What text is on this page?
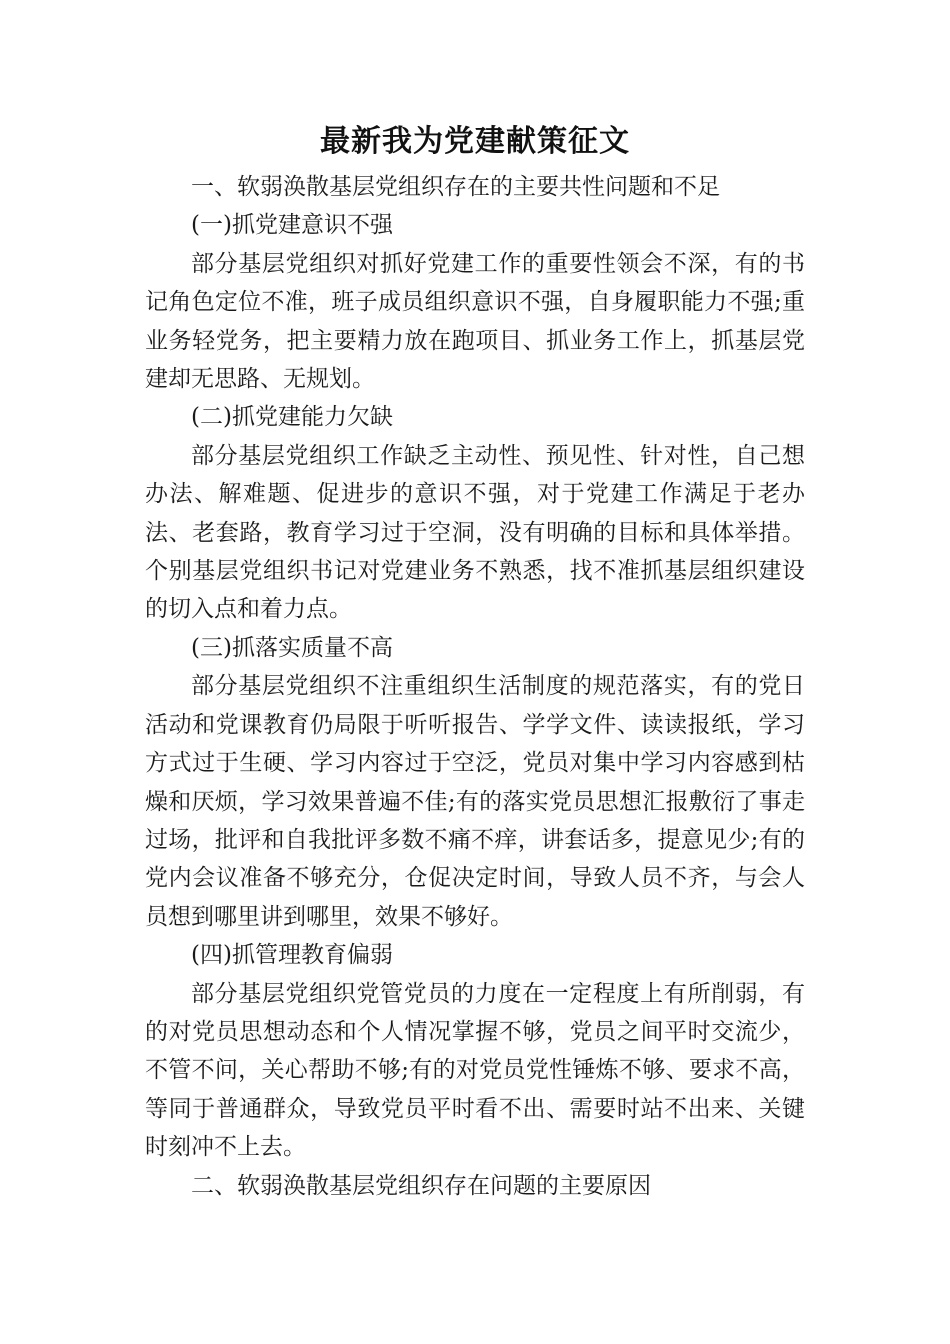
最新我为党建献策征文

一、软弱涣散基层党组织存在的主要共性问题和不足

(一)抓党建意识不强

部分基层党组织对抓好党建工作的重要性领会不深，有的书记角色定位不准，班子成员组织意识不强，自身履职能力不强;重业务轻党务，把主要精力放在跑项目、抓业务工作上，抓基层党建却无思路、无规划。

(二)抓党建能力欠缺

部分基层党组织工作缺乏主动性、预见性、针对性，自己想办法、解难题、促进步的意识不强，对于党建工作满足于老办法、老套路，教育学习过于空洞，没有明确的目标和具体举措。个别基层党组织书记对党建业务不熟悉，找不准抓基层组织建设的切入点和着力点。

(三)抓落实质量不高

部分基层党组织不注重组织生活制度的规范落实，有的党日活动和党课教育仍局限于听听报告、学学文件、读读报纸，学习方式过于生硬、学习内容过于空泛，党员对集中学习内容感到枯燥和厌烦，学习效果普遍不佳;有的落实党员思想汇报敷衍了事走过场，批评和自我批评多数不痛不痒，讲套话多，提意见少;有的党内会议准备不够充分，仓促决定时间，导致人员不齐，与会人员想到哪里讲到哪里，效果不够好。

(四)抓管理教育偏弱

部分基层党组织党管党员的力度在一定程度上有所削弱，有的对党员思想动态和个人情况掌握不够，党员之间平时交流少，不管不问，关心帮助不够;有的对党员党性锤炼不够、要求不高，等同于普通群众，导致党员平时看不出、需要时站不出来、关键时刻冲不上去。

二、软弱涣散基层党组织存在问题的主要原因
